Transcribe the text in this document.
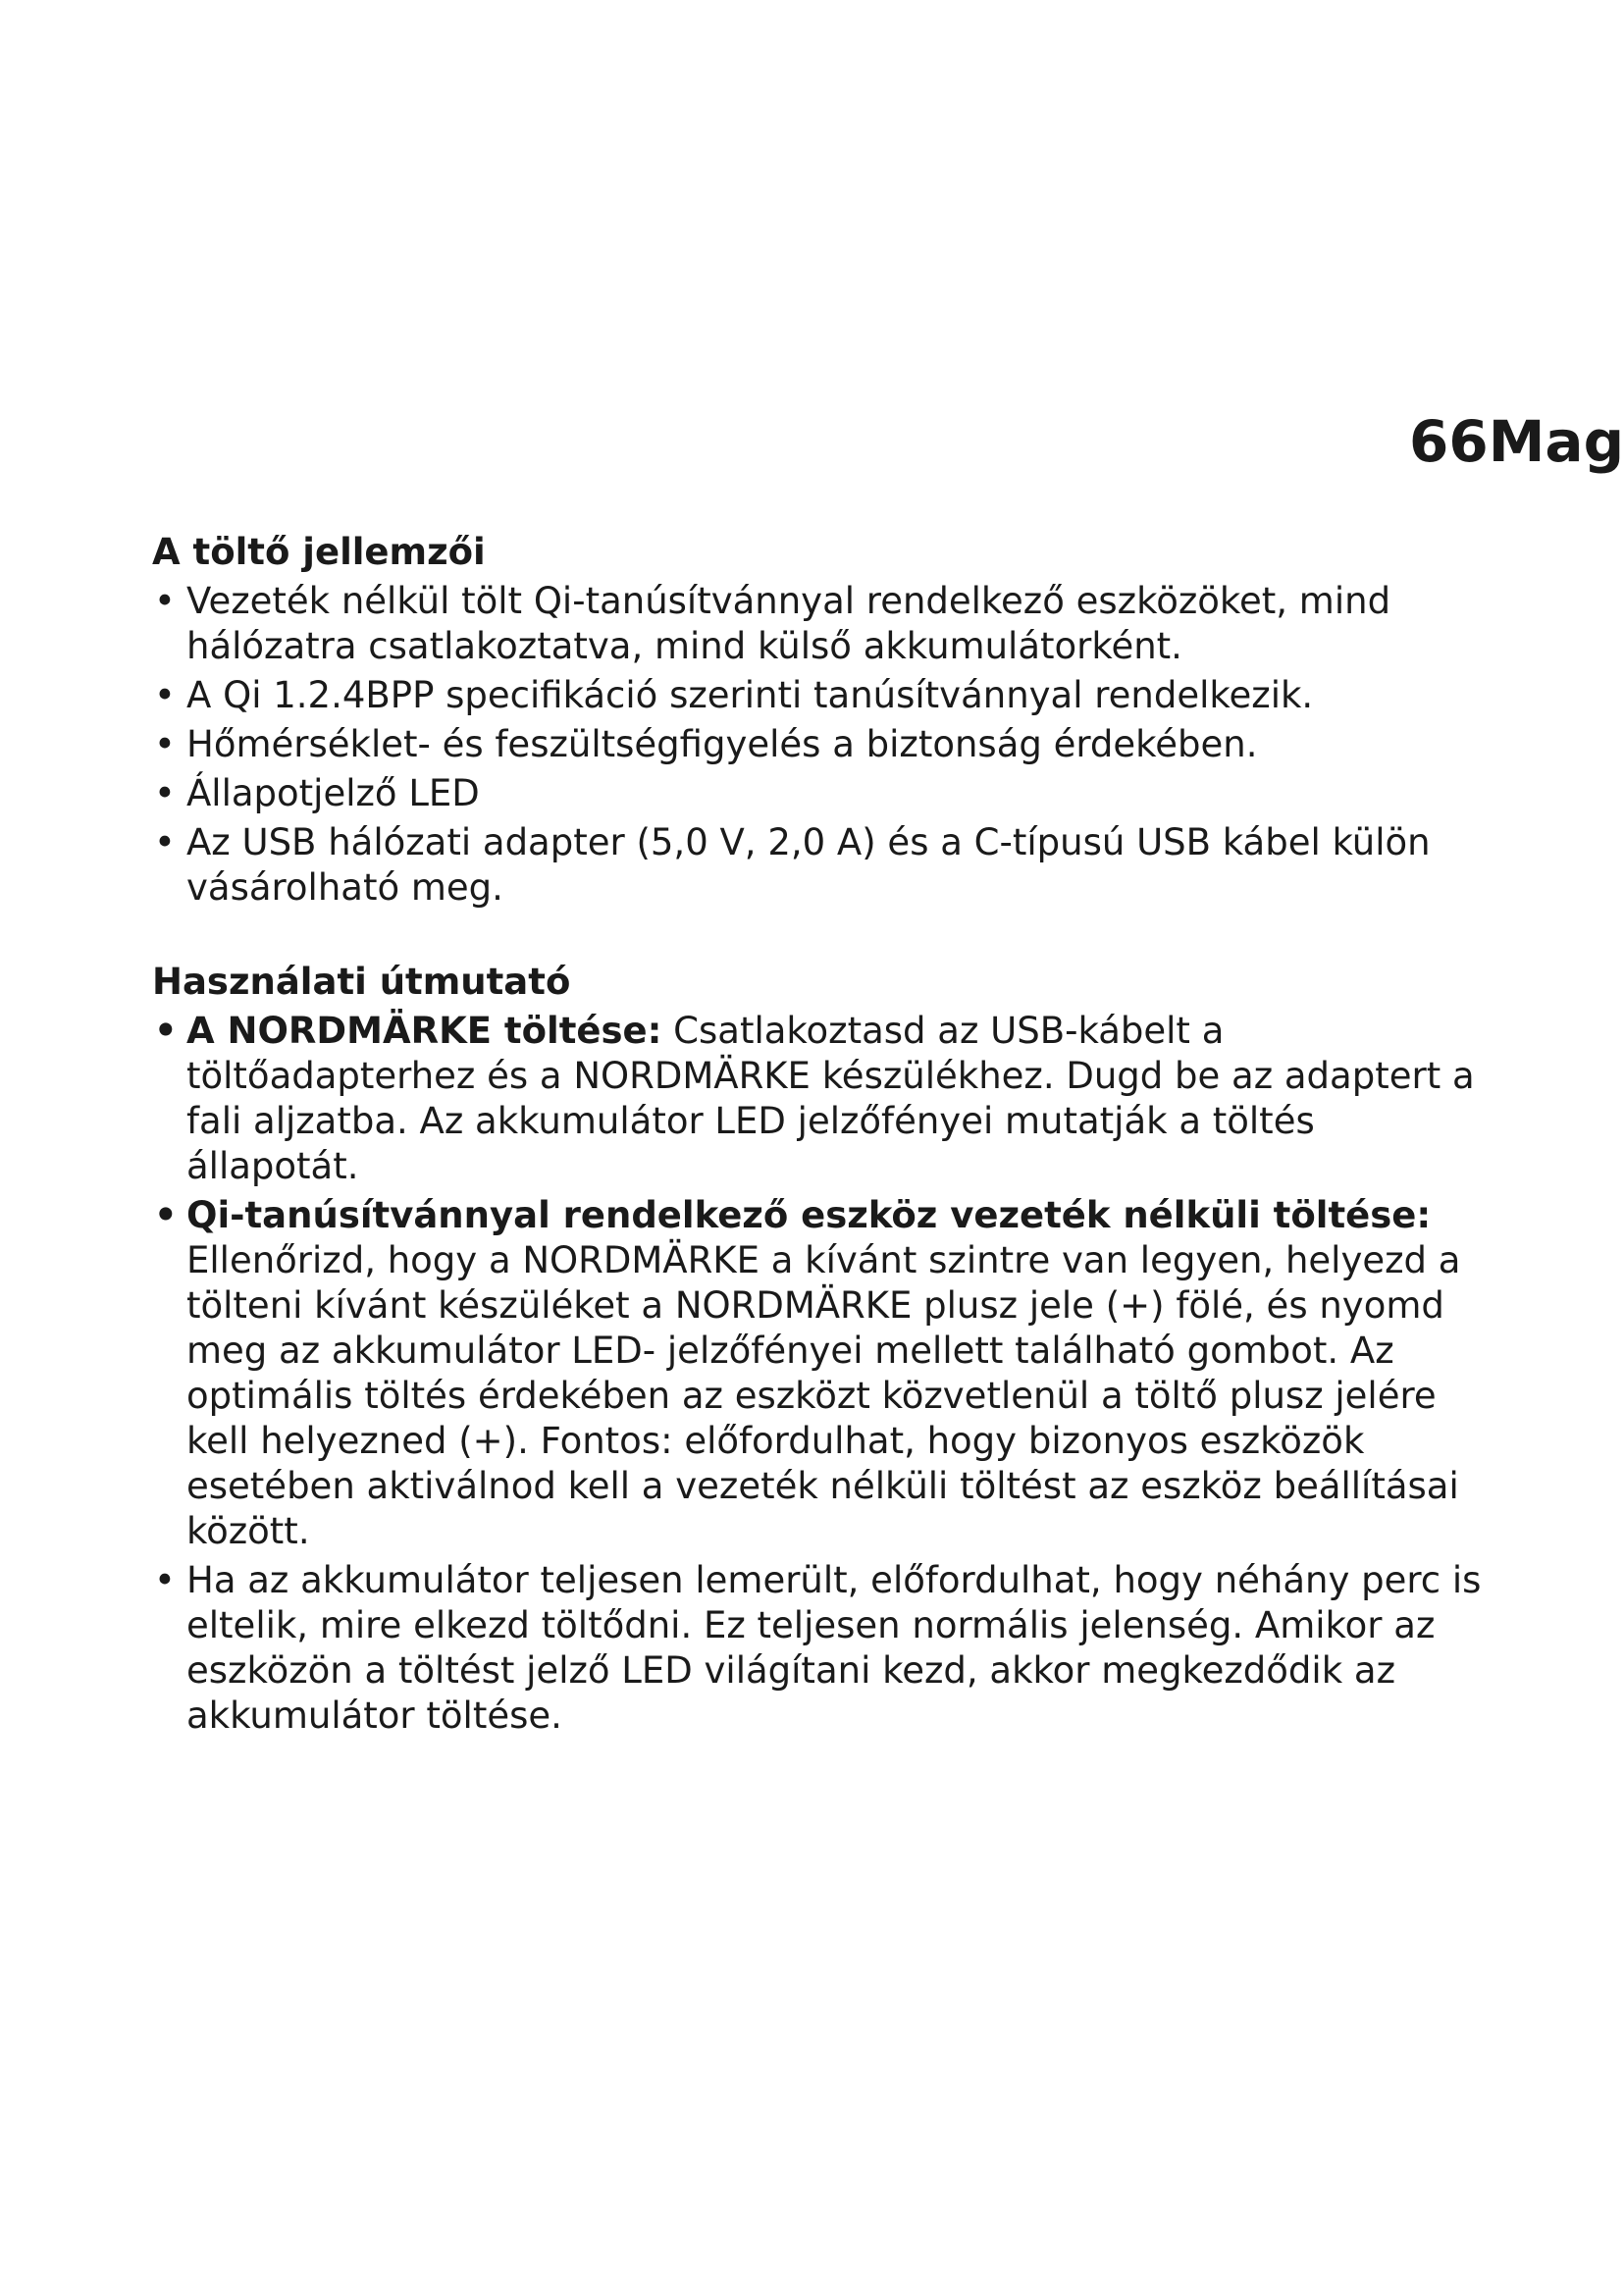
66Mag
A töltő jellemzői
• Vezeték nélkül tölt Qi-tanúsítvánnyal rendelkező eszközöket, mind hálózatra csatlakoztatva, mind külső akkumulátorként.
• A Qi 1.2.4BPP specifikáció szerinti tanúsítvánnyal rendelkezik.
• Hőmérséklet- és feszültségfigyelés a biztonság érdekében.
• Állapotjelző LED
• Az USB hálózati adapter (5,0 V, 2,0 A) és a C-típusú USB kábel külön vásárolható meg.
Használati útmutató
• A NORDMÄRKE töltése: Csatlakoztasd az USB-kábelt a töltőadapterhez és a NORDMÄRKE készülékhez. Dugd be az adaptert a fali aljzatba. Az akkumulátor LED jelzőfényei mutatják a töltés állapotát.
• Qi-tanúsítvánnyal rendelkező eszköz vezeték nélküli töltése: Ellenőrizd, hogy a NORDMÄRKE a kívánt szintre van legyen, helyezd a tölteni kívánt készüléket a NORDMÄRKE plusz jele (+) fölé, és nyomd meg az akkumulátor LED- jelzőfényei mellett található gombot. Az optimális töltés érdekében az eszközt közvetlenül a töltő plusz jelére kell helyezned (+). Fontos: előfordulhat, hogy bizonyos eszközök esetében aktiválnod kell a vezeték nélküli töltést az eszköz beállításai között.
• Ha az akkumulátor teljesen lemerült, előfordulhat, hogy néhány perc is eltelik, mire elkezd töltődni. Ez teljesen normális jelenség. Amikor az eszközön a töltést jelző LED világítani kezd, akkor megkezdődik az akkumulátor töltése.
